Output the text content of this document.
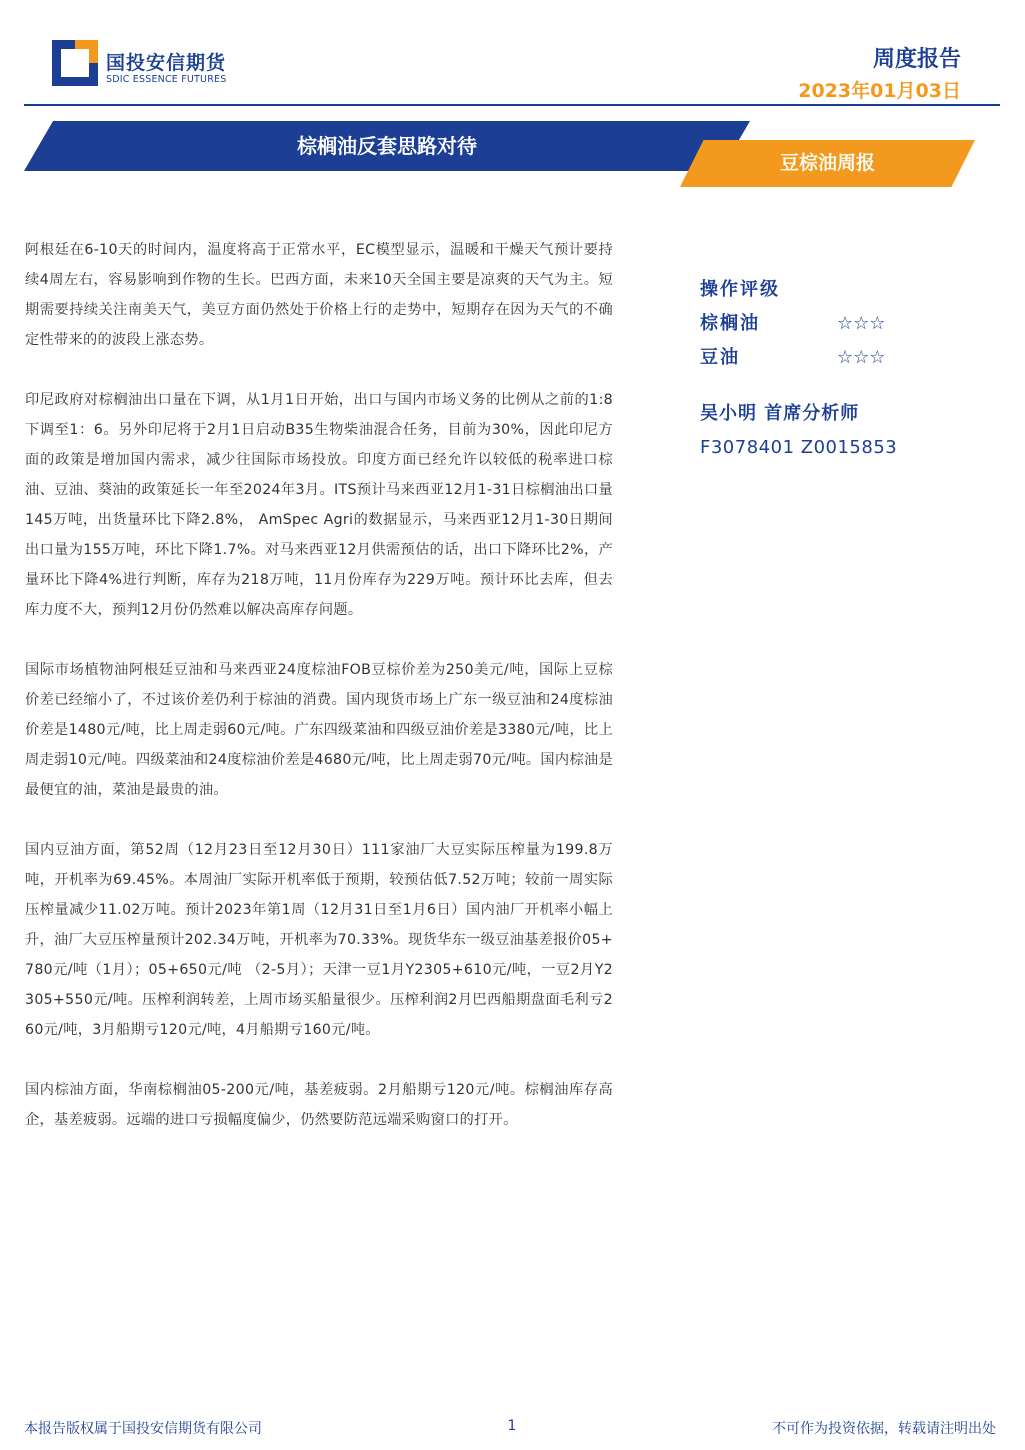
国投安信期货
SDIC ESSENCE FUTURES
周度报告
2023年01月03日
棕榈油反套思路对待
豆棕油周报

阿根廷在6-10天的时间内，温度将高于正常水平，EC模型显示，温暖和干燥天气预计要持续4周左右，容易影响到作物的生长。巴西方面，未来10天全国主要是凉爽的天气为主。短期需要持续关注南美天气，美豆方面仍然处于价格上行的走势中，短期存在因为天气的不确定性带来的的波段上涨态势。

印尼政府对棕榈油出口量在下调，从1月1日开始，出口与国内市场义务的比例从之前的1:8下调至1：6。另外印尼将于2月1日启动B35生物柴油混合任务，目前为30%，因此印尼方面的政策是增加国内需求，减少往国际市场投放。印度方面已经允许以较低的税率进口棕油、豆油、葵油的政策延长一年至2024年3月。ITS预计马来西亚12月1-31日棕榈油出口量145万吨，出货量环比下降2.8%， AmSpec Agri的数据显示，马来西亚12月1-30日期间出口量为155万吨，环比下降1.7%。对马来西亚12月供需预估的话，出口下降环比2%，产量环比下降4%进行判断，库存为218万吨，11月份库存为229万吨。预计环比去库，但去库力度不大，预判12月份仍然难以解决高库存问题。

国际市场植物油阿根廷豆油和马来西亚24度棕油FOB豆棕价差为250美元/吨，国际上豆棕价差已经缩小了，不过该价差仍利于棕油的消费。国内现货市场上广东一级豆油和24度棕油价差是1480元/吨，比上周走弱60元/吨。广东四级菜油和四级豆油价差是3380元/吨，比上周走弱10元/吨。四级菜油和24度棕油价差是4680元/吨，比上周走弱70元/吨。国内棕油是最便宜的油，菜油是最贵的油。

国内豆油方面，第52周（12月23日至12月30日）111家油厂大豆实际压榨量为199.8万吨，开机率为69.45%。本周油厂实际开机率低于预期，较预估低7.52万吨；较前一周实际压榨量减少11.02万吨。预计2023年第1周（12月31日至1月6日）国内油厂开机率小幅上升，油厂大豆压榨量预计202.34万吨，开机率为70.33%。现货华东一级豆油基差报价05+780元/吨（1月）；05+650元/吨 （2-5月）；天津一豆1月Y2305+610元/吨，一豆2月Y2305+550元/吨。压榨利润转差，上周市场买船量很少。压榨利润2月巴西船期盘面毛利亏260元/吨，3月船期亏120元/吨，4月船期亏160元/吨。

国内棕油方面，华南棕榈油05-200元/吨，基差疲弱。2月船期亏120元/吨。棕榈油库存高企，基差疲弱。远端的进口亏损幅度偏少，仍然要防范远端采购窗口的打开。

操作评级
棕榈油	☆☆☆
豆油	☆☆☆
吴小明 首席分析师
F3078401 Z0015853
本报告版权属于国投安信期货有限公司	1	不可作为投资依据，转载请注明出处
